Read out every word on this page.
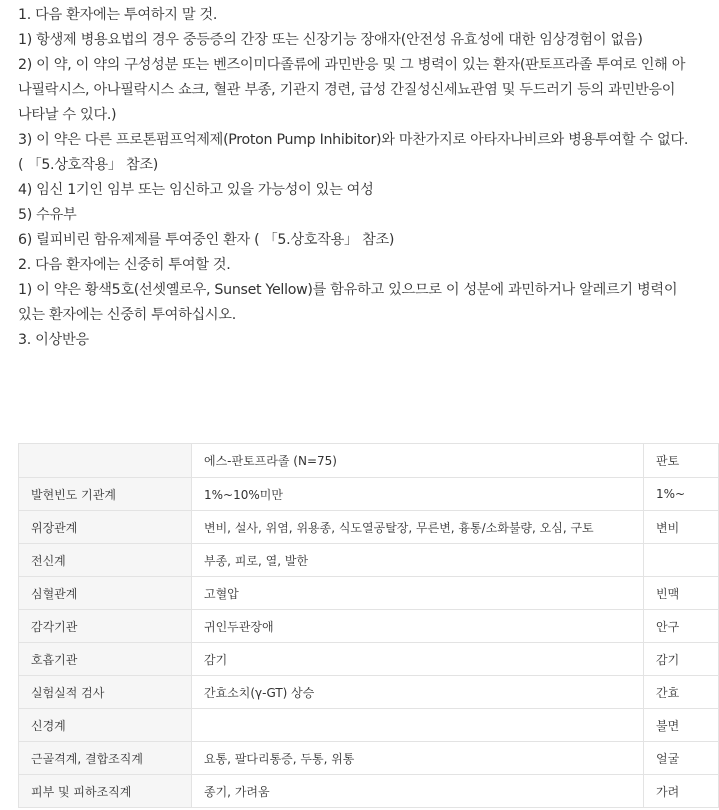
1. 다음 환자에는 투여하지 말 것.

1) 항생제 병용요법의 경우 중등증의 간장 또는 신장기능 장애자(안전성 유효성에 대한 임상경험이 없음)

2) 이 약, 이 약의 구성성분 또는 벤즈이미다졸류에 과민반응 및 그 병력이 있는 환자(판토프라졸 투여로 인해 아나필락시스, 아나필락시스 쇼크, 혈관 부종, 기관지 경련, 급성 간질성신세뇨관염 및 두드러기 등의 과민반응이 나타날 수 있다.)

3) 이 약은 다른 프로톤펌프억제제(Proton Pump Inhibitor)와 마찬가지로 아타자나비르와 병용투여할 수 없다.( 「5.상호작용」 참조)

4) 임신 1기인 임부 또는 임신하고 있을 가능성이 있는 여성

5) 수유부

6) 릴피비린 함유제제를 투여중인 환자 ( 「5.상호작용」 참조)

2. 다음 환자에는 신중히 투여할 것.

1) 이 약은 황색5호(선셋옐로우, Sunset Yellow)를 함유하고 있으므로 이 성분에 과민하거나 알레르기 병력이 있는 환자에는 신중히 투여하십시오.

3. 이상반응

	에스-판토프라졸 (N=75)	판토
발현빈도 기관계	1%~10%미만	1%~
위장관계	변비, 설사, 위염, 위용종, 식도열공탈장, 무른변, 흉통/소화불량, 오심, 구토	변비
전신계	부종, 피로, 열, 발한	
심혈관계	고혈압	빈맥
감각기관	귀인두관장애	안구
호흡기관	감기	감기
실험실적 검사	간효소치(γ-GT) 상승	간효
신경계		불면
근골격계, 결합조직계	요통, 팔다리통증, 두통, 위통	얼굴
피부 및 피하조직계	종기, 가려움	가려
